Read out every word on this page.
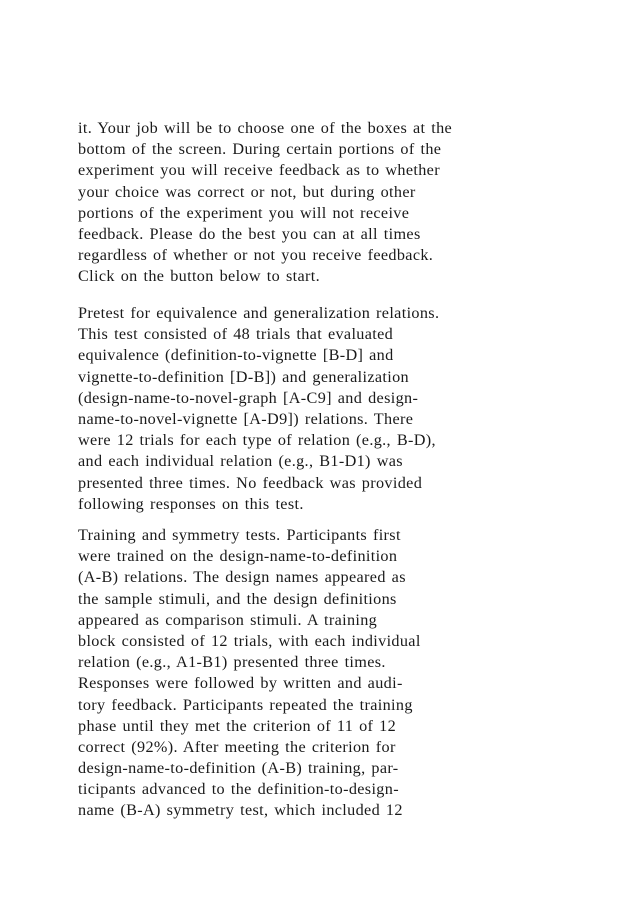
it. Your job will be to choose one of the boxes at the
bottom of the screen. During certain portions of the
experiment you will receive feedback as to whether
your choice was correct or not, but during other
portions of the experiment you will not receive
feedback. Please do the best you can at all times
regardless of whether or not you receive feedback.
Click on the button below to start.
Pretest for equivalence and generalization relations.
This test consisted of 48 trials that evaluated
equivalence (definition-to-vignette [B-D] and
vignette-to-definition [D-B]) and generalization
(design-name-to-novel-graph [A-C9] and design-
name-to-novel-vignette [A-D9]) relations. There
were 12 trials for each type of relation (e.g., B-D),
and each individual relation (e.g., B1-D1) was
presented three times. No feedback was provided
following responses on this test.
Training and symmetry tests. Participants first
were trained on the design-name-to-definition
(A-B) relations. The design names appeared as
the sample stimuli, and the design definitions
appeared as comparison stimuli. A training
block consisted of 12 trials, with each individual
relation (e.g., A1-B1) presented three times.
Responses were followed by written and audi-
tory feedback. Participants repeated the training
phase until they met the criterion of 11 of 12
correct (92%). After meeting the criterion for
design-name-to-definition (A-B) training, par-
ticipants advanced to the definition-to-design-
name (B-A) symmetry test, which included 12
